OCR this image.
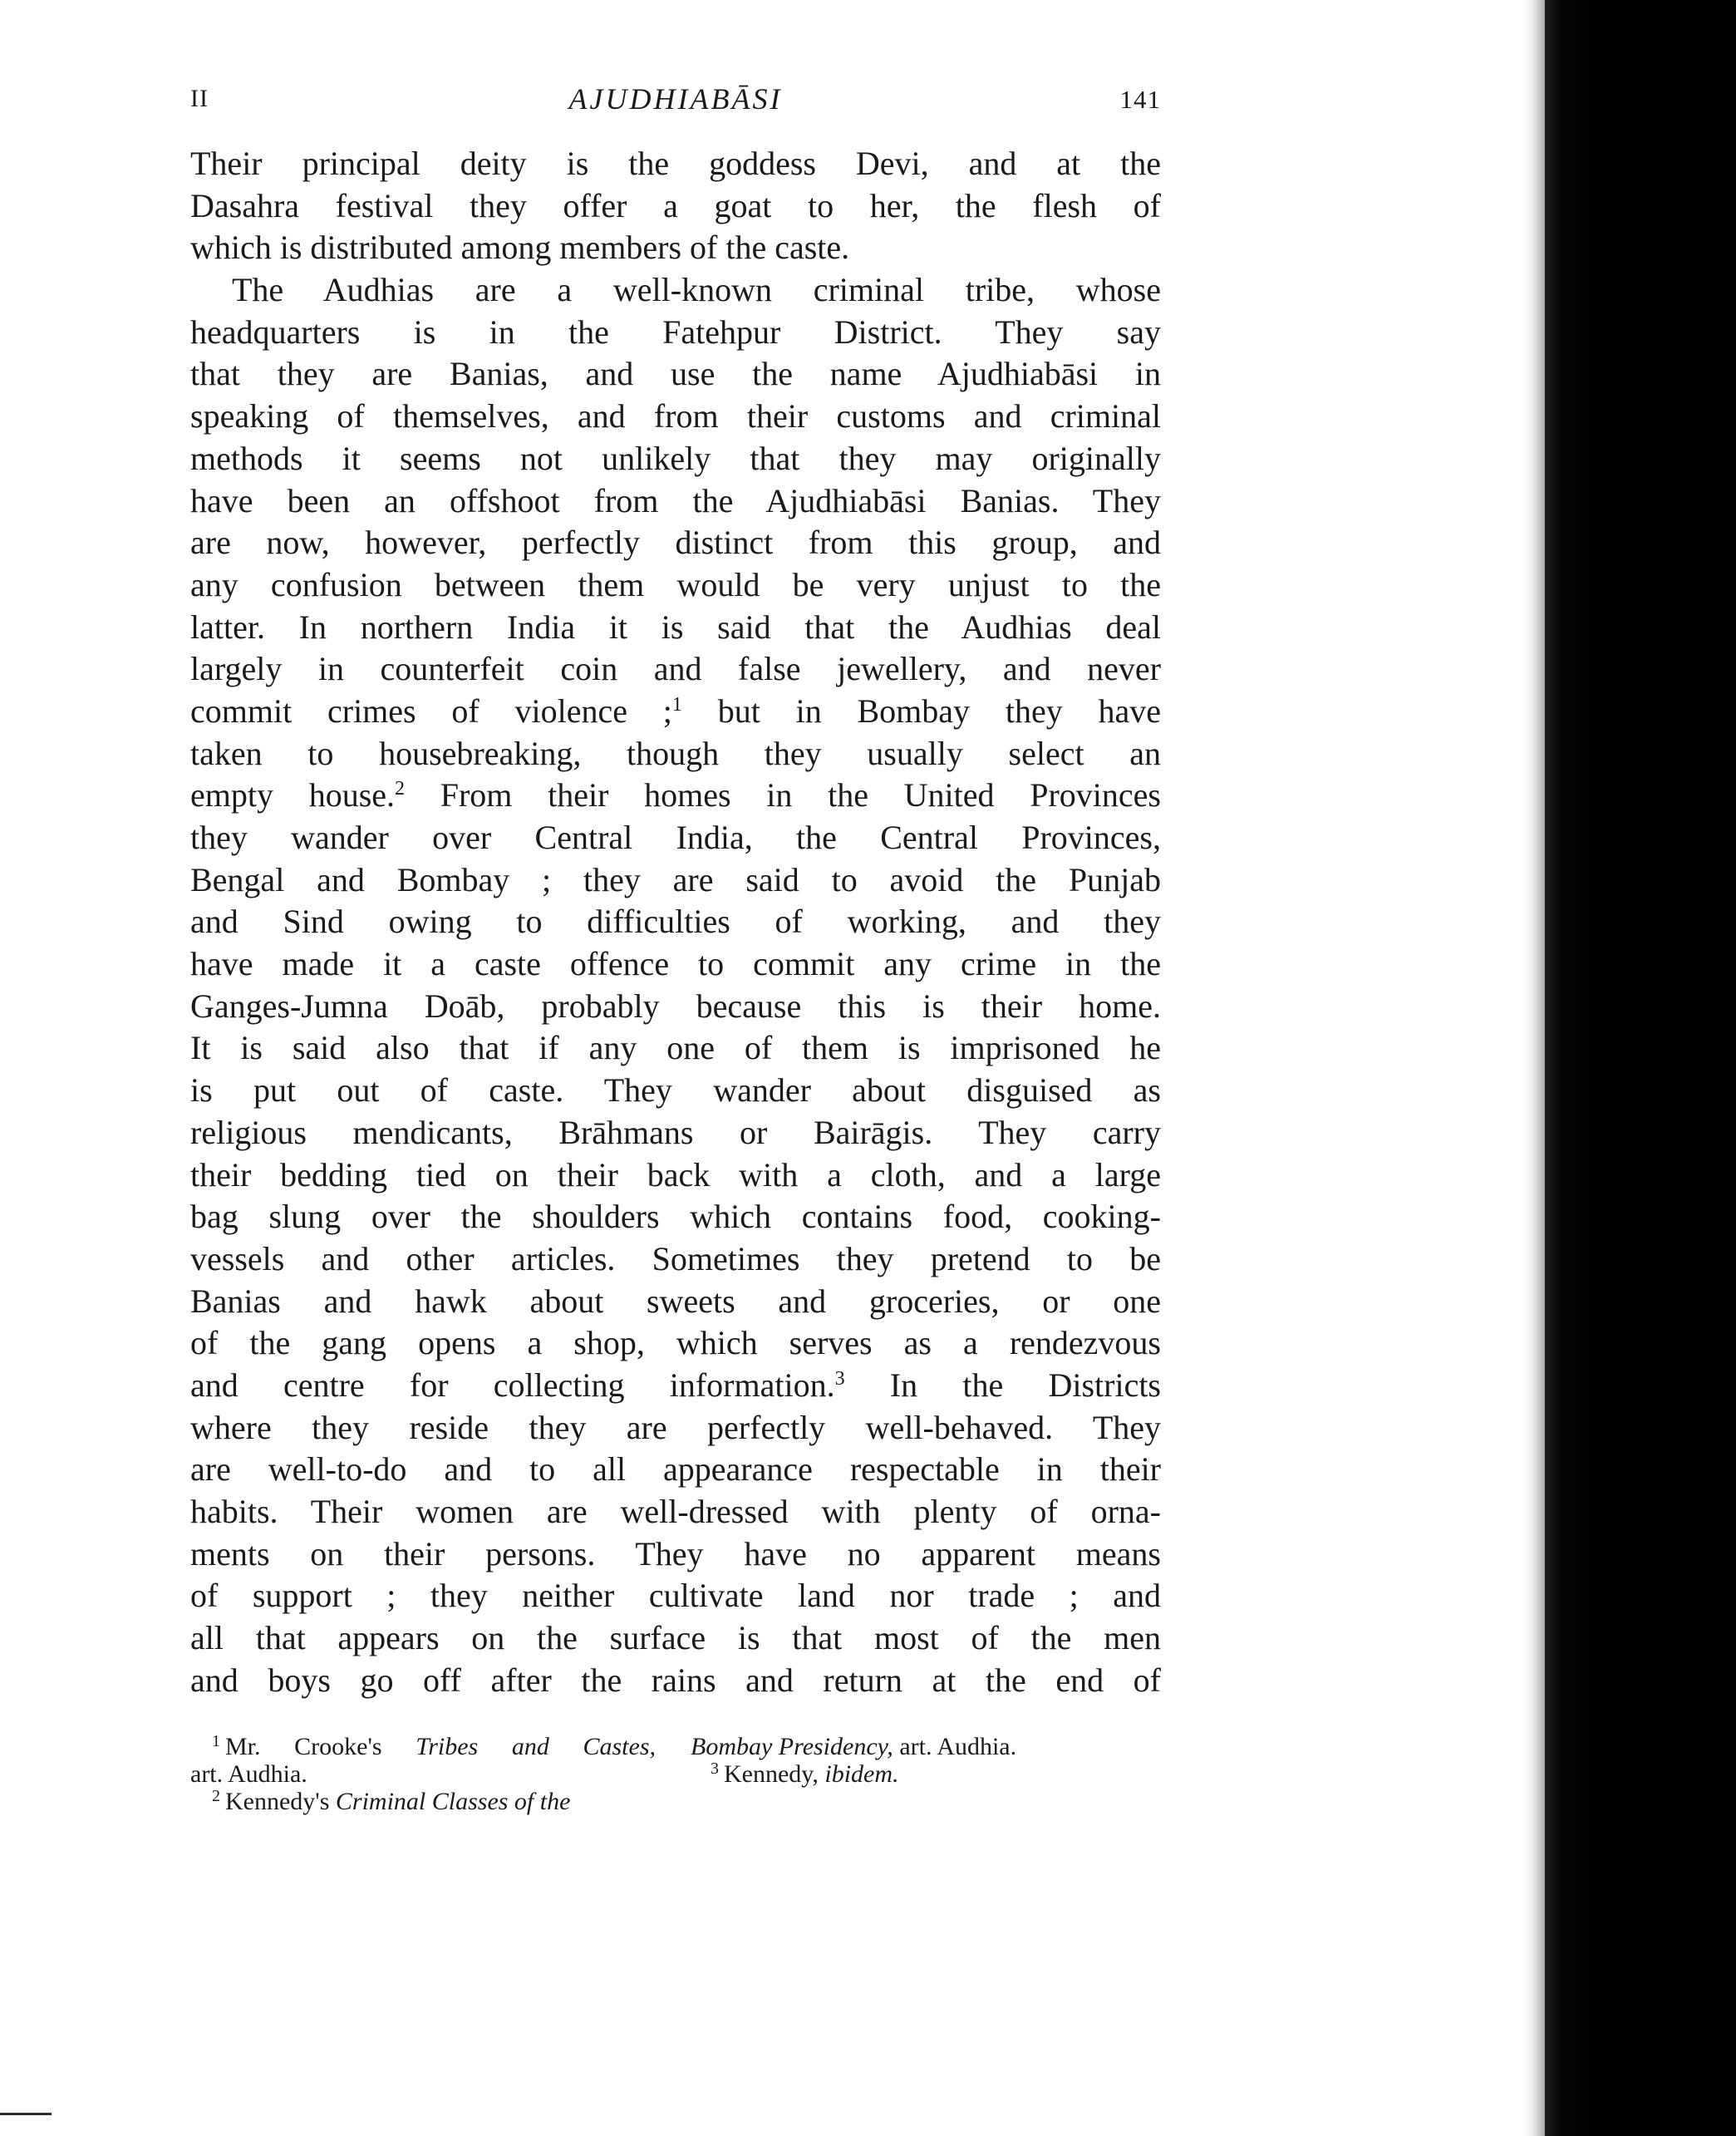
II	AJUDHIABĀSI	141
Their principal deity is the goddess Devi, and at the
Dasahra festival they offer a goat to her, the flesh of
which is distributed among members of the caste.
The Audhias are a well-known criminal tribe, whose
headquarters is in the Fatehpur District. They say
that they are Banias, and use the name Ajudhiabāsi in
speaking of themselves, and from their customs and criminal
methods it seems not unlikely that they may originally
have been an offshoot from the Ajudhiabāsi Banias. They
are now, however, perfectly distinct from this group, and
any confusion between them would be very unjust to the
latter. In northern India it is said that the Audhias deal
largely in counterfeit coin and false jewellery, and never
commit crimes of violence ;$^1$ but in Bombay they have
taken to housebreaking, though they usually select an
empty house.$^2$ From their homes in the United Provinces
they wander over Central India, the Central Provinces,
Bengal and Bombay ; they are said to avoid the Punjab
and Sind owing to difficulties of working, and they
have made it a caste offence to commit any crime in the
Ganges-Jumna Doāb, probably because this is their home.
It is said also that if any one of them is imprisoned he
is put out of caste. They wander about disguised as
religious mendicants, Brāhmans or Bairāgis. They carry
their bedding tied on their back with a cloth, and a large
bag slung over the shoulders which contains food, cooking-
vessels and other articles. Sometimes they pretend to be
Banias and hawk about sweets and groceries, or one
of the gang opens a shop, which serves as a rendezvous
and centre for collecting information.$^3$ In the Districts
where they reside they are perfectly well-behaved. They
are well-to-do and to all appearance respectable in their
habits. Their women are well-dressed with plenty of orna-
ments on their persons. They have no apparent means
of support ; they neither cultivate land nor trade ; and
all that appears on the surface is that most of the men
and boys go off after the rains and return at the end of
$^1$ Mr. Crooke's Tribes and Castes,
art. Audhia.
$^2$ Kennedy's Criminal Classes of the
Bombay Presidency, art. Audhia.
$^3$ Kennedy, ibidem.
